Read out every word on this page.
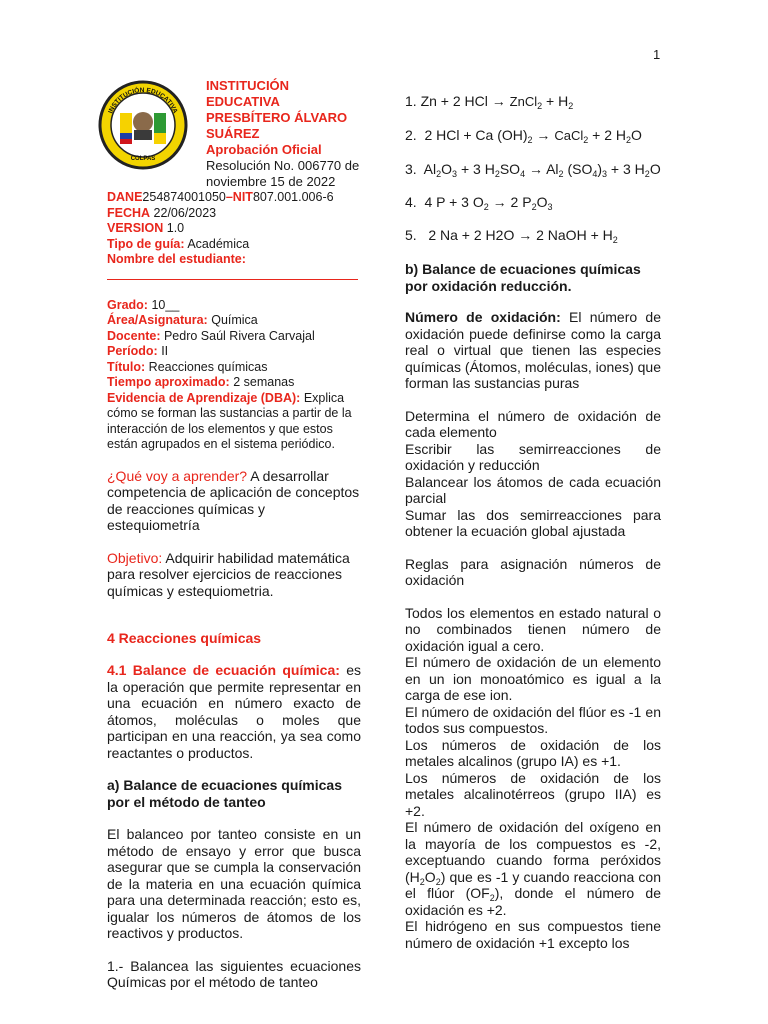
1
INSTITUCIÓN EDUCATIVA
COLPAS
INSTITUCIÓN
EDUCATIVA
PRESBÍTERO ÁLVARO
SUÁREZ
Aprobación Oficial
Resolución No. 006770 de noviembre 15 de 2022
DANE254874001050–NIT807.001.006-6
FECHA 22/06/2023
VERSION 1.0
Tipo de guía: Académica
Nombre del estudiante:
Grado: 10__
Área/Asignatura: Química
Docente: Pedro Saúl Rivera Carvajal
Período: II
Título: Reacciones químicas
Tiempo aproximado: 2 semanas
Evidencia de Aprendizaje (DBA): Explica cómo se forman las sustancias a partir de la interacción de los elementos y que estos están agrupados en el sistema periódico.
¿Qué voy a aprender? A desarrollar competencia de aplicación de conceptos de reacciones químicas y estequiometría
Objetivo: Adquirir habilidad matemática para resolver ejercicios de reacciones químicas y estequiometria.
4 Reacciones químicas
4.1 Balance de ecuación química: es la operación que permite representar en una ecuación en número exacto de átomos, moléculas o moles que participan en una reacción, ya sea como reactantes o productos.
a) Balance de ecuaciones químicas por el método de tanteo
El balanceo por tanteo consiste en un método de ensayo y error que busca asegurar que se cumpla la conservación de la materia en una ecuación química para una determinada reacción; esto es, igualar los números de átomos de los reactivos y productos.
1.- Balancea las siguientes ecuaciones Químicas por el método de tanteo

1. Zn + 2 HCl → ZnCl$_2$ + $H_2$

2.  2 HCl + Ca $(OH)_2$ → CaCl$_2$ + 2 $H_2O$

3.  $Al_2O_3 + 3$ $H_2SO_4 \to Al_2$ $(SO_4)_3 + 3$ $H_2O$

4.  4 P + 3 $O_2 \to 2$ $P_2O_3$

5.   2 Na + 2 H2O → 2 NaOH + $H_2$

b) Balance de ecuaciones químicas por oxidación reducción.
Número de oxidación: El número de oxidación puede definirse como la carga real o virtual que tienen las especies químicas (Átomos, moléculas, iones) que forman las sustancias puras
Determina el número de oxidación de cada elemento
Escribir las semirreacciones de oxidación y reducción
Balancear los átomos de cada ecuación parcial
Sumar las dos semirreacciones para obtener la ecuación global ajustada
Reglas para asignación números de oxidación
Todos los elementos en estado natural o no combinados tienen número de oxidación igual a cero.
El número de oxidación de un elemento en un ion monoatómico es igual a la carga de ese ion.
El número de oxidación del flúor es -1 en todos sus compuestos.
Los números de oxidación de los metales alcalinos (grupo IA) es +1.
Los números de oxidación de los metales alcalinotérreos (grupo IIA) es +2.
El número de oxidación del oxígeno en la mayoría de los compuestos es -2, exceptuando cuando forma peróxidos $(H_2O_2)$ que es -1 y cuando reacciona con el flúor $(OF_2)$, donde el número de oxidación es +2.
El hidrógeno en sus compuestos tiene número de oxidación +1 excepto los
